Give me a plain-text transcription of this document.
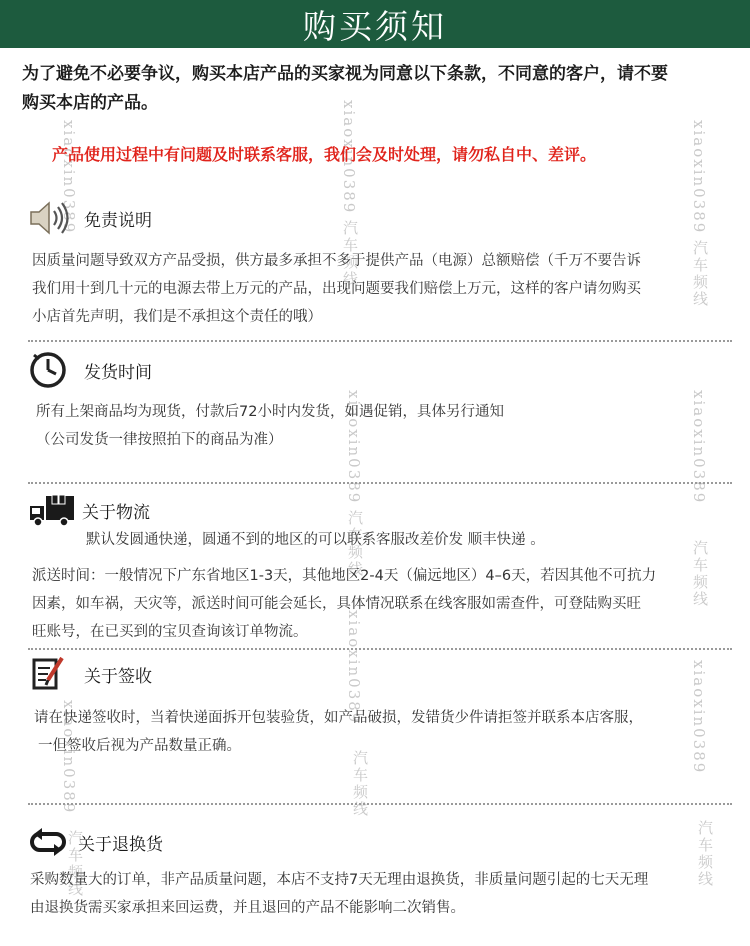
购买须知
xiaoxin0389
汽车频线
xiaoxin0389
汽车频线
xiaoxin0389
汽车频线
xiaoxin0389
汽车频线
xiaoxin0389
汽车频线
xiaoxin0389
汽车频线
xiaoxin0389
xiaoxin0389
汽车频线
为了避免不必要争议，购买本店产品的买家视为同意以下条款，不同意的客户，请不要
购买本店的产品。
产品使用过程中有问题及时联系客服，我们会及时处理，请勿私自中、差评。
免责说明
因质量问题导致双方产品受损，供方最多承担不多于提供产品（电源）总额赔偿（千万不要告诉
我们用十到几十元的电源去带上万元的产品，出现问题要我们赔偿上万元，这样的客户请勿购买
小店首先声明，我们是不承担这个责任的哦）
发货时间
所有上架商品均为现货，付款后72小时内发货，如遇促销，具体另行通知
（公司发货一律按照拍下的商品为准）
关于物流
默认发圆通快递，圆通不到的地区的可以联系客服改差价发 顺丰快递 。
派送时间：一般情况下广东省地区1-3天，其他地区2-4天（偏远地区）4–6天，若因其他不可抗力
因素，如车祸，天灾等，派送时间可能会延长，具体情况联系在线客服如需查件，可登陆购买旺
旺账号，在已买到的宝贝查询该订单物流。
关于签收
请在快递签收时，当着快递面拆开包装验货，如产品破损，发错货少件请拒签并联系本店客服，
一但签收后视为产品数量正确。
关于退换货
采购数量大的订单，非产品质量问题，本店不支持7天无理由退换货，非质量问题引起的七天无理
由退换货需买家承担来回运费，并且退回的产品不能影响二次销售。
